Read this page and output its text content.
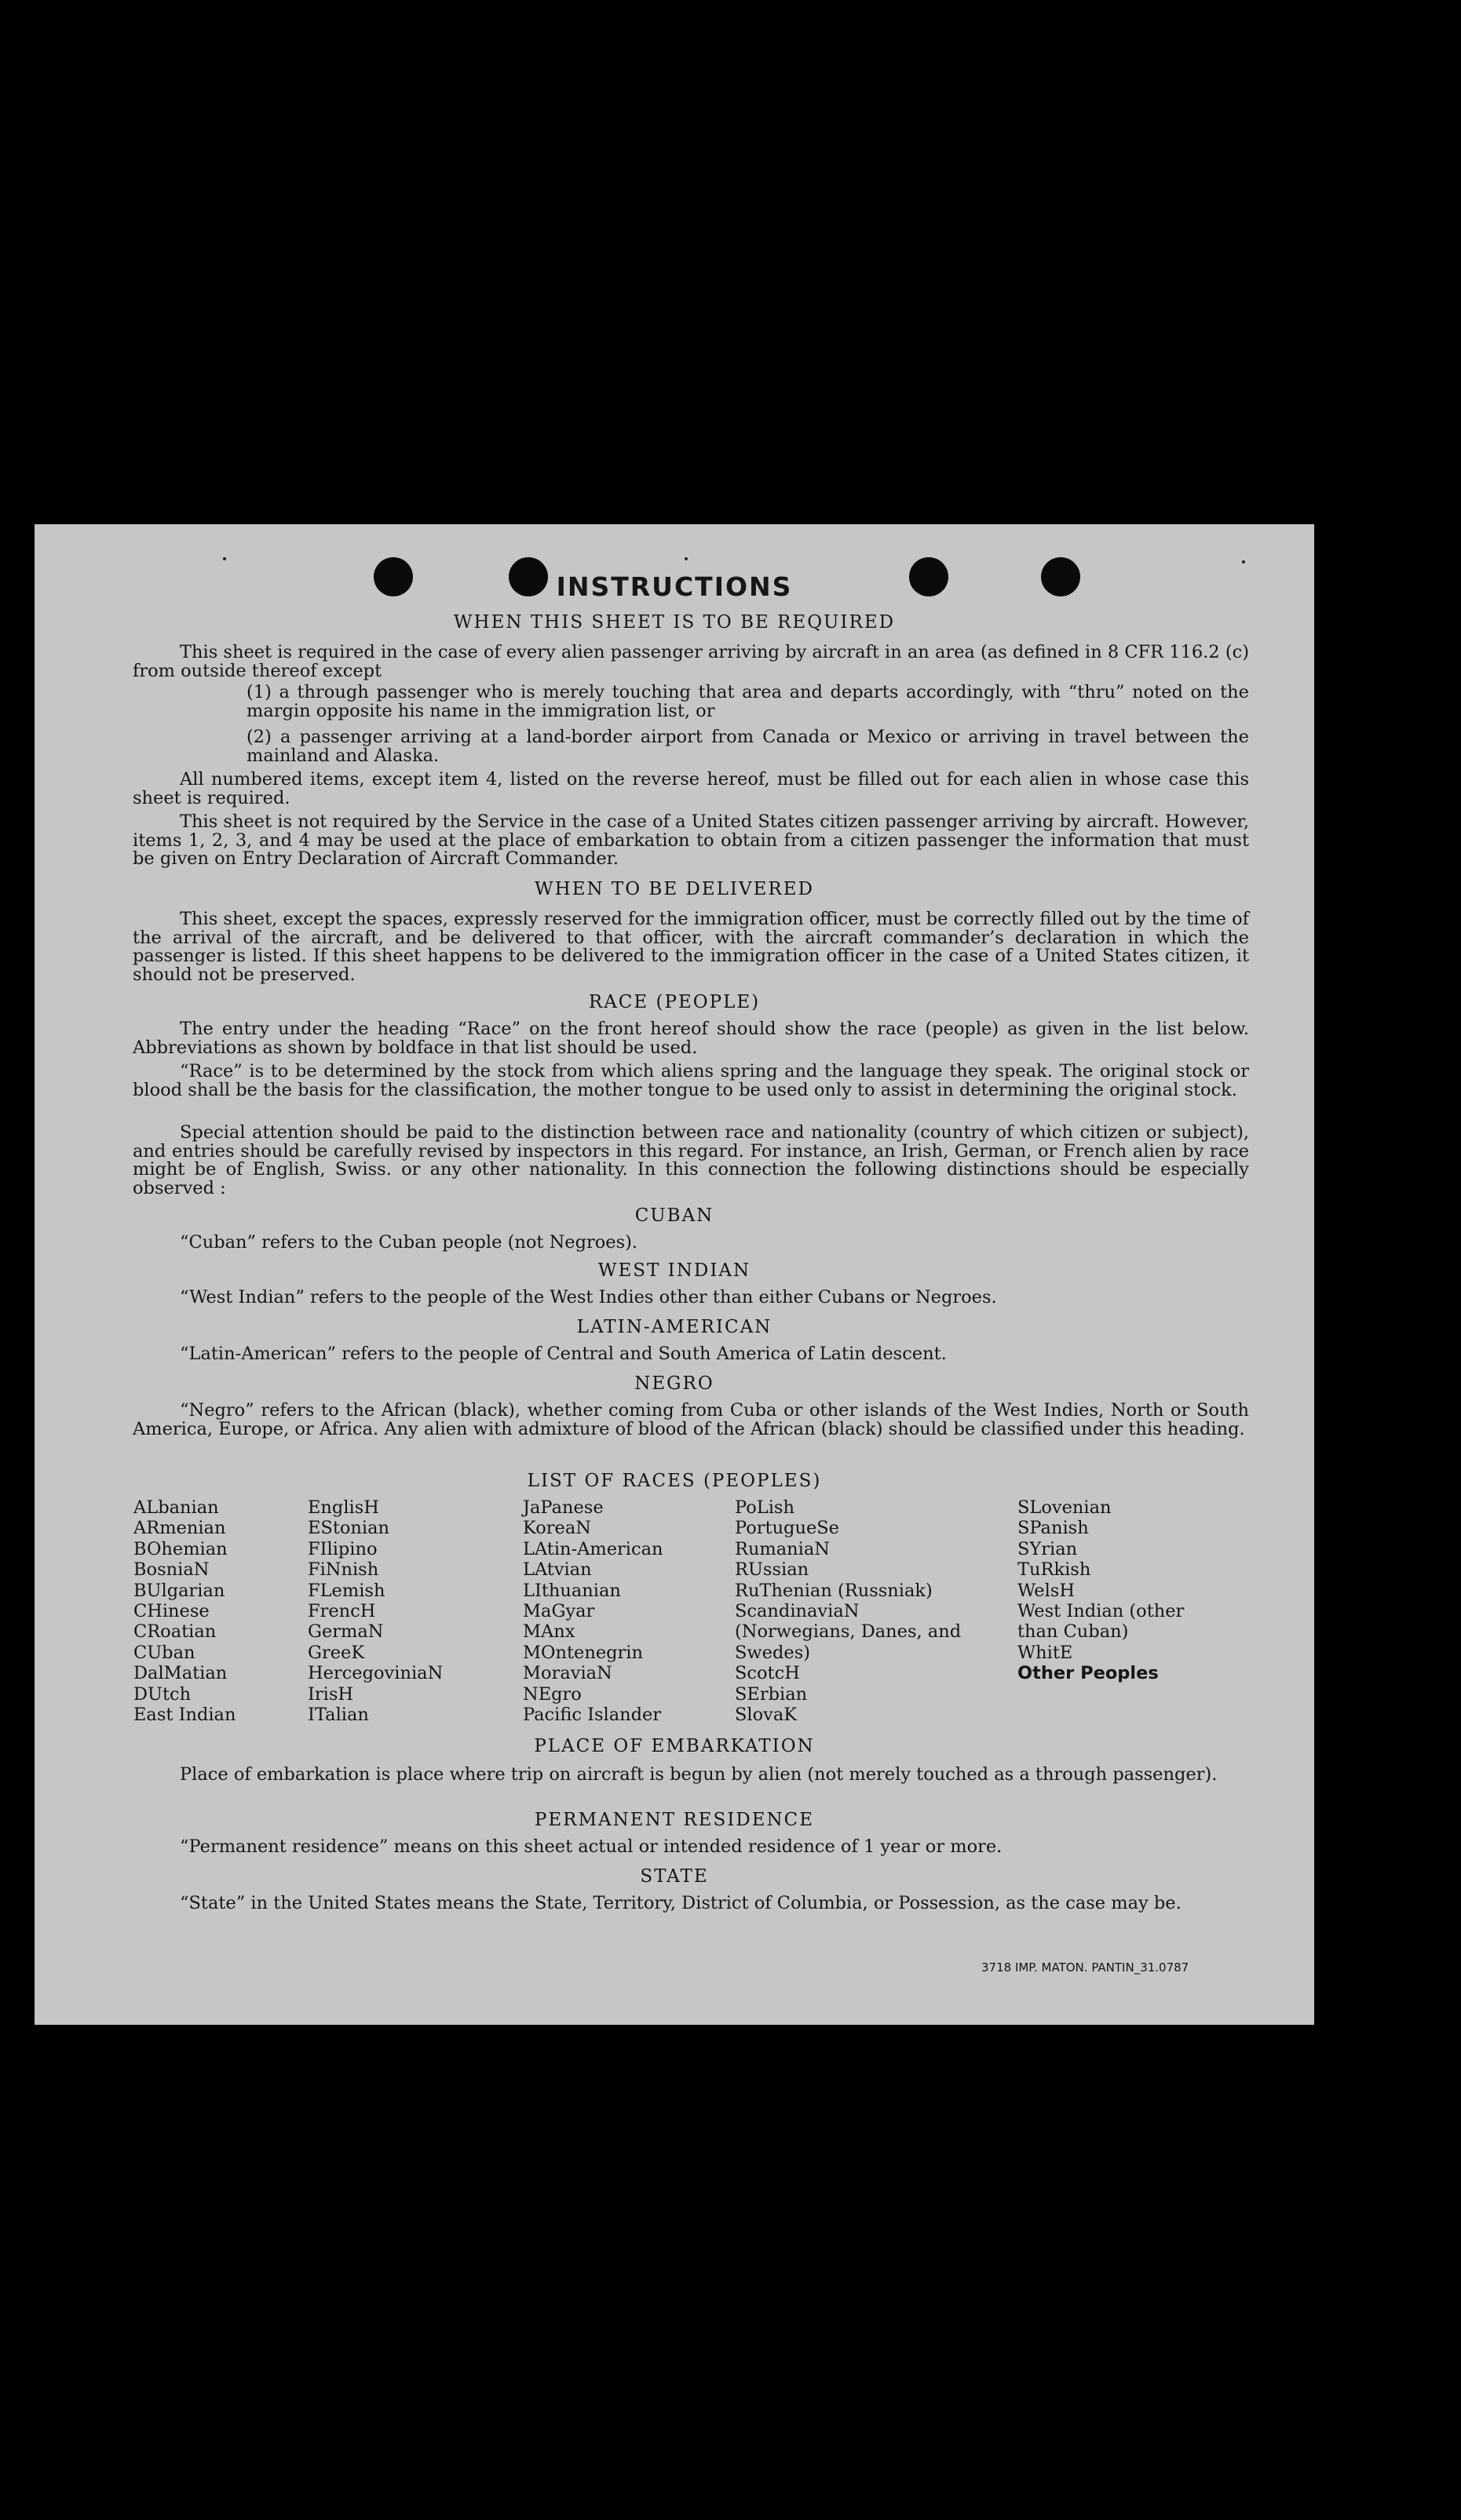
INSTRUCTIONS
WHEN THIS SHEET IS TO BE REQUIRED
This sheet is required in the case of every alien passenger arriving by aircraft in an area (as defined in 8 CFR 116.2 (c) from outside thereof except
(1) a through passenger who is merely touching that area and departs accordingly, with “thru” noted on the margin opposite his name in the immigration list, or
(2) a passenger arriving at a land-border airport from Canada or Mexico or arriving in travel between the mainland and Alaska.
All numbered items, except item 4, listed on the reverse hereof, must be filled out for each alien in whose case this sheet is required.
This sheet is not required by the Service in the case of a United States citizen passenger arriving by aircraft. However, items 1, 2, 3, and 4 may be used at the place of embarkation to obtain from a citizen passenger the information that must be given on Entry Declaration of Aircraft Commander.
WHEN TO BE DELIVERED
This sheet, except the spaces, expressly reserved for the immigration officer, must be correctly filled out by the time of the arrival of the aircraft, and be delivered to that officer, with the aircraft commander’s declaration in which the passenger is listed. If this sheet happens to be delivered to the immigration officer in the case of a United States citizen, it should not be preserved.
RACE (PEOPLE)
The entry under the heading “Race” on the front hereof should show the race (people) as given in the list below. Abbreviations as shown by boldface in that list should be used.
“Race” is to be determined by the stock from which aliens spring and the language they speak. The original stock or blood shall be the basis for the classification, the mother tongue to be used only to assist in determining the original stock.
Special attention should be paid to the distinction between race and nationality (country of which citizen or subject), and entries should be carefully revised by inspectors in this regard. For instance, an Irish, German, or French alien by race might be of English, Swiss. or any other nationality. In this connection the following distinctions should be especially observed :
CUBAN
“Cuban” refers to the Cuban people (not Negroes).
WEST INDIAN
“West Indian” refers to the people of the West Indies other than either Cubans or Negroes.
LATIN-AMERICAN
“Latin-American” refers to the people of Central and South America of Latin descent.
NEGRO
“Negro” refers to the African (black), whether coming from Cuba or other islands of the West Indies, North or South America, Europe, or Africa. Any alien with admixture of blood of the African (black) should be classified under this heading.
LIST OF RACES (PEOPLES)
ALbanian
ARmenian
BOhemian
BosniaN
BUlgarian
CHinese
CRoatian
CUban
DalMatian
DUtch
East Indian
EnglisH
EStonian
FIlipino
FiNnish
FLemish
FrencH
GermaN
GreeK
HercegoviniaN
IrisH
ITalian
JaPanese
KoreaN
LAtin-American
LAtvian
LIthuanian
MaGyar
MAnx
MOntenegrin
MoraviaN
NEgro
Pacific Islander
PoLish
PortugueSe
RumaniaN
RUssian
RuThenian (Russniak)
ScandinaviaN (Norwegians, Danes, and Swedes)
ScotcH
SErbian
SlovaK
SLovenian
SPanish
SYrian
TuRkish
WelsH
West Indian (other than Cuban)
WhitE
Other Peoples
PLACE OF EMBARKATION
Place of embarkation is place where trip on aircraft is begun by alien (not merely touched as a through passenger).
PERMANENT RESIDENCE
“Permanent residence” means on this sheet actual or intended residence of 1 year or more.
STATE
“State” in the United States means the State, Territory, District of Columbia, or Possession, as the case may be.
3718 IMP. MATON. PANTIN_31.0787
